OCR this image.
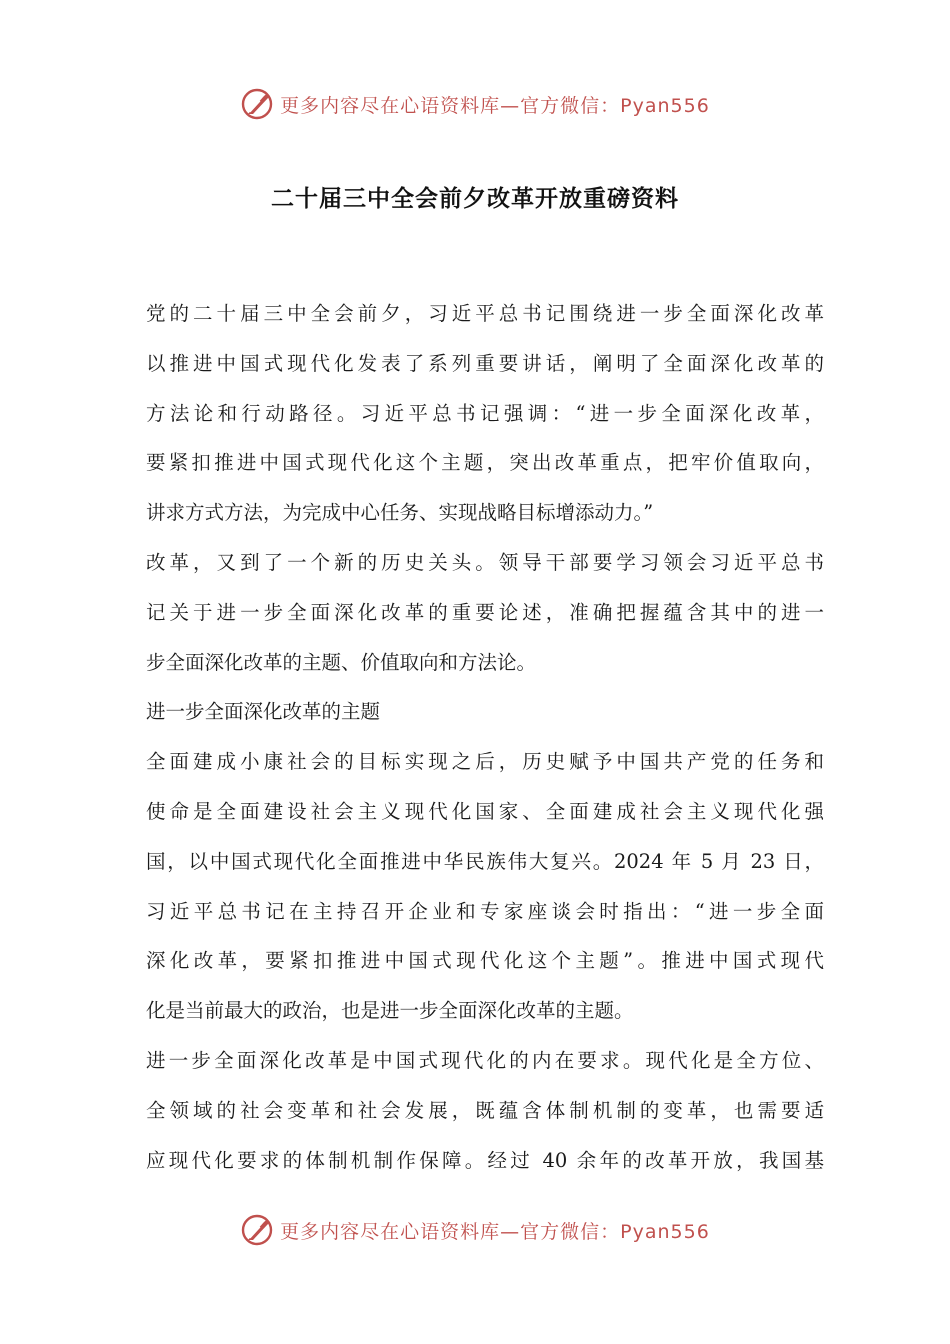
更多内容尽在心语资料库—官方微信：Pyan556
二十届三中全会前夕改革开放重磅资料
党的二十届三中全会前夕，习近平总书记围绕进一步全面深化改革
以推进中国式现代化发表了系列重要讲话，阐明了全面深化改革的
方法论和行动路径。习近平总书记强调：“进一步全面深化改革，
要紧扣推进中国式现代化这个主题，突出改革重点，把牢价值取向，
讲求方式方法，为完成中心任务、实现战略目标增添动力。”
改革，又到了一个新的历史关头。领导干部要学习领会习近平总书
记关于进一步全面深化改革的重要论述，准确把握蕴含其中的进一
步全面深化改革的主题、价值取向和方法论。
进一步全面深化改革的主题
全面建成小康社会的目标实现之后，历史赋予中国共产党的任务和
使命是全面建设社会主义现代化国家、全面建成社会主义现代化强
国，以中国式现代化全面推进中华民族伟大复兴。2024 年 5 月 23 日，
习近平总书记在主持召开企业和专家座谈会时指出：“进一步全面
深化改革，要紧扣推进中国式现代化这个主题”。推进中国式现代
化是当前最大的政治，也是进一步全面深化改革的主题。
进一步全面深化改革是中国式现代化的内在要求。现代化是全方位、
全领域的社会变革和社会发展，既蕴含体制机制的变革，也需要适
应现代化要求的体制机制作保障。经过 40 余年的改革开放，我国基
更多内容尽在心语资料库—官方微信：Pyan556
